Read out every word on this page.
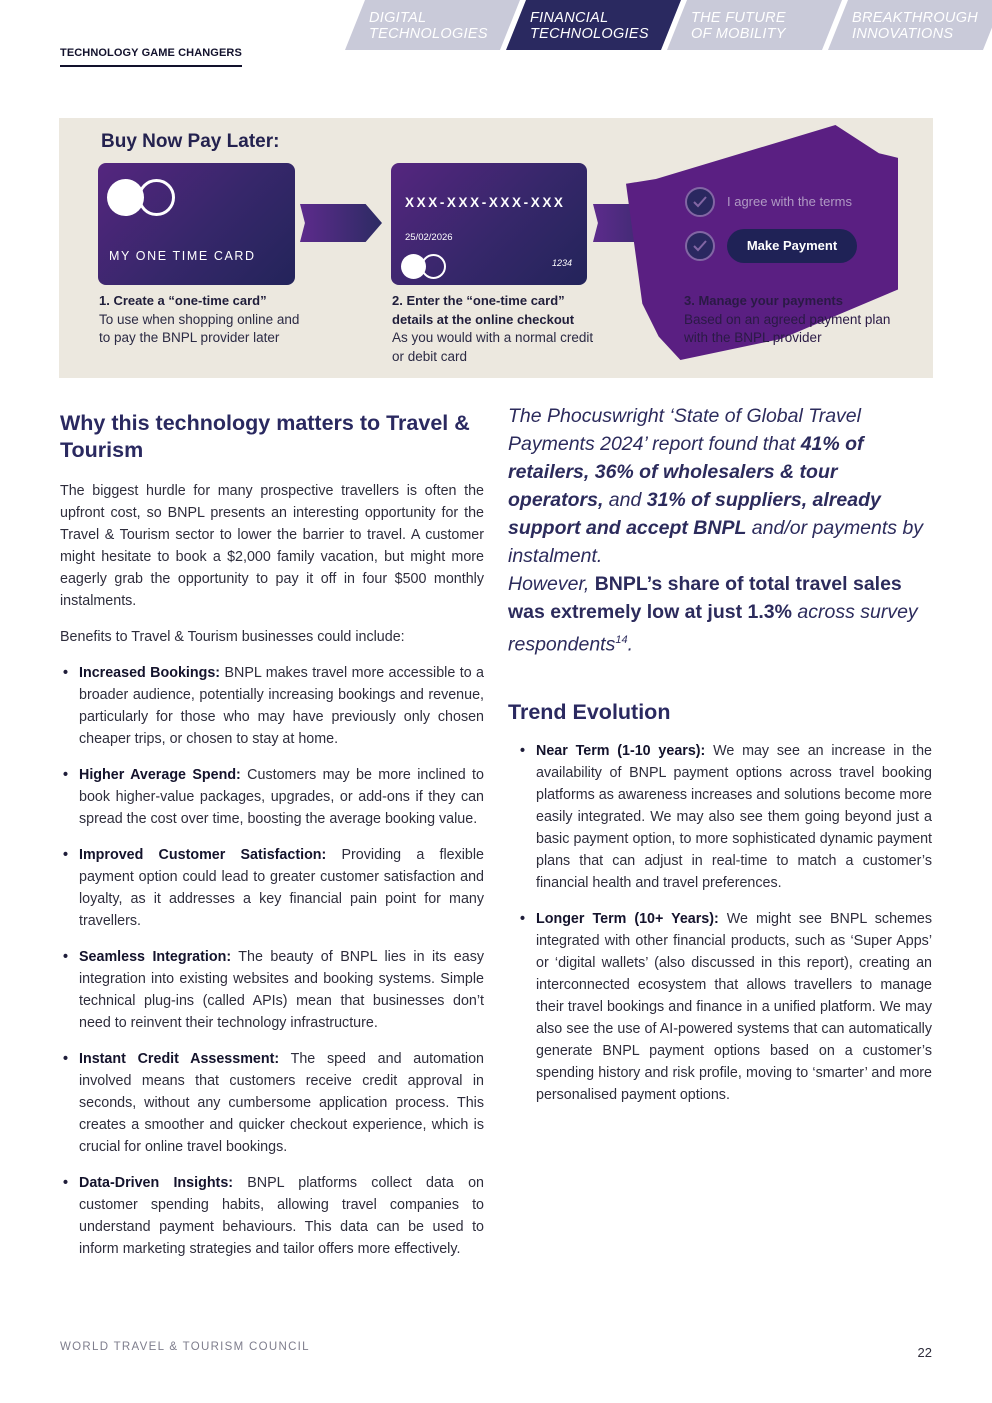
DIGITAL
TECHNOLOGIES
FINANCIAL
TECHNOLOGIES
THE FUTURE
OF MOBILITY
BREAKTHROUGH
INNOVATIONS
TECHNOLOGY GAME CHANGERS
Buy Now Pay Later:
MY ONE TIME CARD
XXX-XXX-XXX-XXX
25/02/2026
1234
I agree with the terms
Make Payment
1. Create a “one-time card”
To use when shopping online and to pay the BNPL provider later
2. Enter the “one-time card” details at the online checkout
As you would with a normal credit or debit card
3. Manage your payments
Based on an agreed payment plan with the BNPL provider
Why this technology matters to Travel & Tourism

The biggest hurdle for many prospective travellers is often the upfront cost, so BNPL presents an interesting opportunity for the Travel & Tourism sector to lower the barrier to travel. A customer might hesitate to book a $2,000 family vacation, but might more eagerly grab the opportunity to pay it off in four $500 monthly instalments.

Benefits to Travel & Tourism businesses could include:

• Increased Bookings: BNPL makes travel more accessible to a broader audience, potentially increasing bookings and revenue, particularly for those who may have previously only chosen cheaper trips, or chosen to stay at home.
• Higher Average Spend: Customers may be more inclined to book higher-value packages, upgrades, or add-ons if they can spread the cost over time, boosting the average booking value.
• Improved Customer Satisfaction: Providing a flexible payment option could lead to greater customer satisfaction and loyalty, as it addresses a key financial pain point for many travellers.
• Seamless Integration: The beauty of BNPL lies in its easy integration into existing websites and booking systems. Simple technical plug-ins (called APIs) mean that businesses don’t need to reinvent their technology infrastructure.
• Instant Credit Assessment: The speed and automation involved means that customers receive credit approval in seconds, without any cumbersome application process. This creates a smoother and quicker checkout experience, which is crucial for online travel bookings.
• Data-Driven Insights: BNPL platforms collect data on customer spending habits, allowing travel companies to understand payment behaviours. This data can be used to inform marketing strategies and tailor offers more effectively.

The Phocuswright ‘State of Global Travel Payments 2024’ report found that 41% of retailers, 36% of wholesalers & tour operators, and 31% of suppliers, already support and accept BNPL and/or payments by instalment.
However, BNPL’s share of total travel sales was extremely low at just 1.3% across survey respondents$^{14}$.

Trend Evolution
• Near Term (1-10 years): We may see an increase in the availability of BNPL payment options across travel booking platforms as awareness increases and solutions become more easily integrated. We may also see them going beyond just a basic payment option, to more sophisticated dynamic payment plans that can adjust in real-time to match a customer’s financial health and travel preferences.
• Longer Term (10+ Years): We might see BNPL schemes integrated with other financial products, such as ‘Super Apps’ or ‘digital wallets’ (also discussed in this report), creating an interconnected ecosystem that allows travellers to manage their travel bookings and finance in a unified platform. We may also see the use of AI-powered systems that can automatically generate BNPL payment options based on a customer’s spending history and risk profile, moving to ‘smarter’ and more personalised payment options.
WORLD TRAVEL & TOURISM COUNCIL	22
